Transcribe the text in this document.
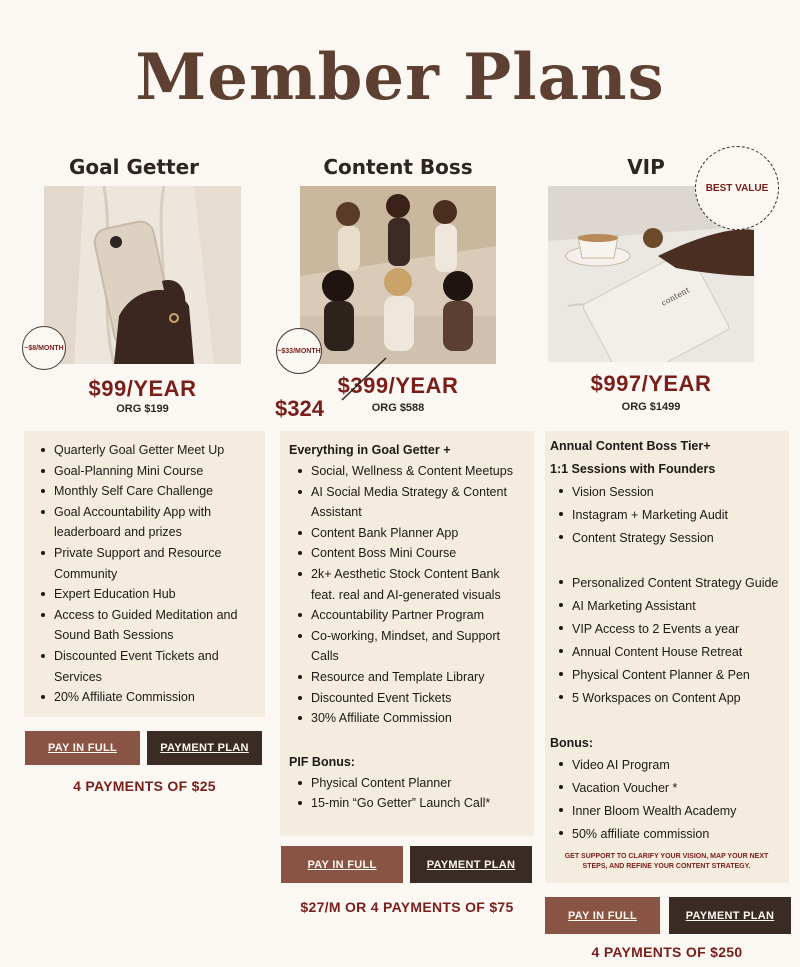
Member Plans
Goal Getter
~$8/MONTH
$99/YEAR
ORG $199
Quarterly Goal Getter Meet Up
Goal-Planning Mini Course
Monthly Self Care Challenge
Goal Accountability App with leaderboard and prizes
Private Support and Resource Community
Expert Education Hub
Access to Guided Meditation and Sound Bath Sessions
Discounted Event Tickets and Services
20% Affiliate Commission
PAY IN FULL	PAYMENT PLAN
4 PAYMENTS OF $25
Content Boss
~$33/MONTH
$399/YEAR
$324	ORG $588
Everything in Goal Getter +
Social, Wellness & Content Meetups
AI Social Media Strategy & Content Assistant
Content Bank Planner App
Content Boss Mini Course
2k+ Aesthetic Stock Content Bank feat. real and AI-generated visuals
Accountability Partner Program
Co-working, Mindset, and Support Calls
Resource and Template Library
Discounted Event Tickets
30% Affiliate Commission
PIF Bonus:
Physical Content Planner
15-min “Go Getter” Launch Call*
PAY IN FULL	PAYMENT PLAN
$27/M OR 4 PAYMENTS OF $75
VIP
content
BEST VALUE
$997/YEAR
ORG $1499
Annual Content Boss Tier+
1:1 Sessions with Founders
Vision Session
Instagram + Marketing Audit
Content Strategy Session
Personalized Content Strategy Guide
AI Marketing Assistant
VIP Access to 2 Events a year
Annual Content House Retreat
Physical Content Planner & Pen
5 Workspaces on Content App
Bonus:
Video AI Program
Vacation Voucher *
Inner Bloom Wealth Academy
50% affiliate commission
GET SUPPORT TO CLARIFY YOUR VISION, MAP YOUR NEXT STEPS, AND REFINE YOUR CONTENT STRATEGY.
PAY IN FULL	PAYMENT PLAN
4 PAYMENTS OF $250
